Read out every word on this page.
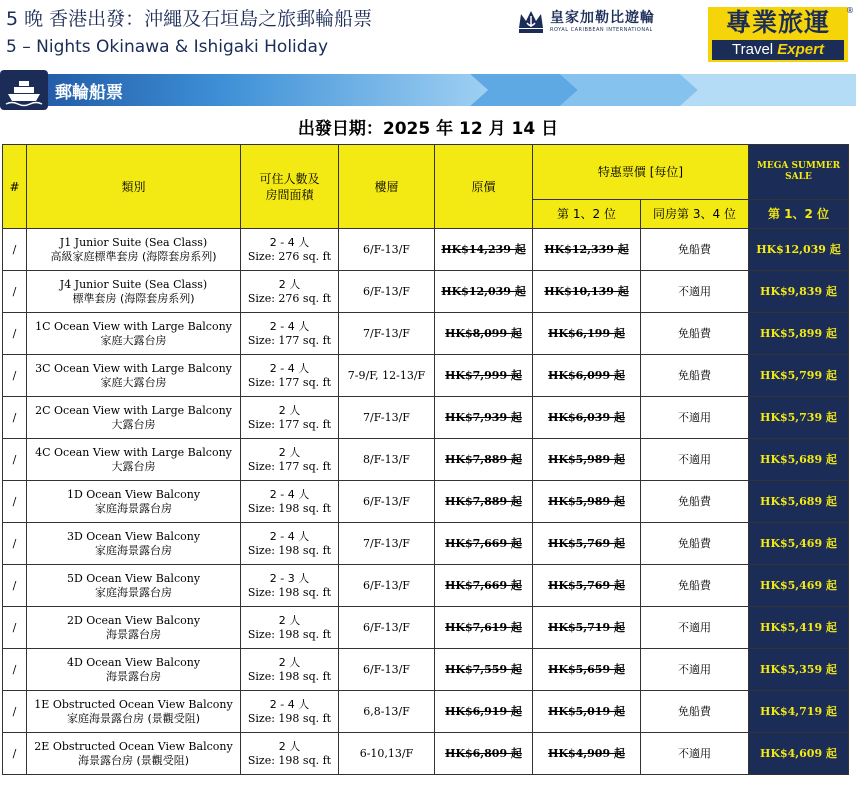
5 晚 香港出發：沖繩及石垣島之旅郵輪船票
5 – Nights Okinawa & Ishigaki Holiday
皇家加勒比遊輪
ROYAL CARIBBEAN INTERNATIONAL	專業旅運
Travel Expert
®
郵輪船票
出發日期：2025 年 12 月 14 日
#	類別	可住人數及
房間面積	樓層	原價	特惠票價 [每位]		MEGA SUMMER
SALE
					第 1、2 位	同房第 3、4 位	第 1、2 位
/	J1 Junior Suite (Sea Class)
高級家庭標準套房 (海際套房系列)	2 - 4 人
Size: 276 sq. ft	6/F-13/F	HK$14,239 起	HK$12,339 起	免船費	HK$12,039 起
/	J4 Junior Suite (Sea Class)
標準套房 (海際套房系列)	2 人
Size: 276 sq. ft	6/F-13/F	HK$12,039 起	HK$10,139 起	不適用	HK$9,839 起
/	1C Ocean View with Large Balcony
家庭大露台房	2 - 4 人
Size: 177 sq. ft	7/F-13/F	HK$8,099 起	HK$6,199 起	免船費	HK$5,899 起
/	3C Ocean View with Large Balcony
家庭大露台房	2 - 4 人
Size: 177 sq. ft	7-9/F, 12-13/F	HK$7,999 起	HK$6,099 起	免船費	HK$5,799 起
/	2C Ocean View with Large Balcony
大露台房	2 人
Size: 177 sq. ft	7/F-13/F	HK$7,939 起	HK$6,039 起	不適用	HK$5,739 起
/	4C Ocean View with Large Balcony
大露台房	2 人
Size: 177 sq. ft	8/F-13/F	HK$7,889 起	HK$5,989 起	不適用	HK$5,689 起
/	1D Ocean View Balcony
家庭海景露台房	2 - 4 人
Size: 198 sq. ft	6/F-13/F	HK$7,889 起	HK$5,989 起	免船費	HK$5,689 起
/	3D Ocean View Balcony
家庭海景露台房	2 - 4 人
Size: 198 sq. ft	7/F-13/F	HK$7,669 起	HK$5,769 起	免船費	HK$5,469 起
/	5D Ocean View Balcony
家庭海景露台房	2 - 3 人
Size: 198 sq. ft	6/F-13/F	HK$7,669 起	HK$5,769 起	免船費	HK$5,469 起
/	2D Ocean View Balcony
海景露台房	2 人
Size: 198 sq. ft	6/F-13/F	HK$7,619 起	HK$5,719 起	不適用	HK$5,419 起
/	4D Ocean View Balcony
海景露台房	2 人
Size: 198 sq. ft	6/F-13/F	HK$7,559 起	HK$5,659 起	不適用	HK$5,359 起
/	1E Obstructed Ocean View Balcony
家庭海景露台房 (景觀受阻)	2 - 4 人
Size: 198 sq. ft	6,8-13/F	HK$6,919 起	HK$5,019 起	免船費	HK$4,719 起
/	2E Obstructed Ocean View Balcony
海景露台房 (景觀受阻)	2 人
Size: 198 sq. ft	6-10,13/F	HK$6,809 起	HK$4,909 起	不適用	HK$4,609 起
